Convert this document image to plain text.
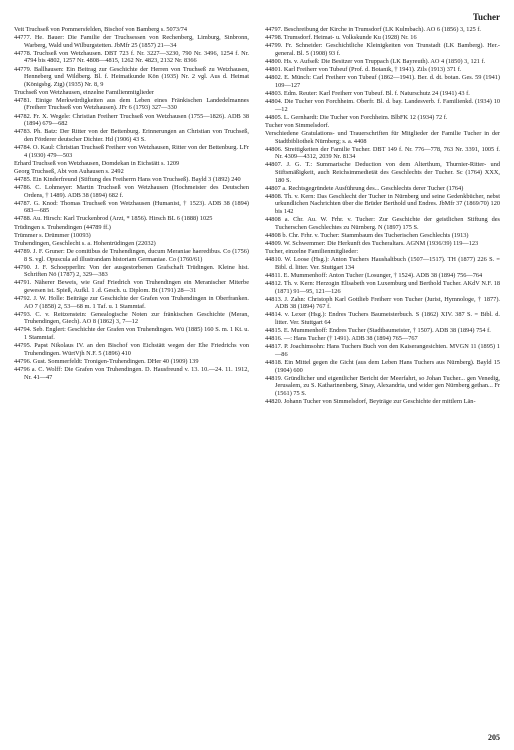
Tucher

Veit Truchseß von Pommersfelden, Bischof von Bamberg s. 5073/74

44777. He. Bauer: Die Familie der Truchsessen von Rechenberg, Limburg, Sinbronn, Warberg, Wald und Wilburgstetten. JbMfr 25 (1857) 21—34

44778. Truchseß von Wetzhausen. DBT 723 f. Nr. 3227—3230, 790 Nr. 3496, 1254 f. Nr. 4794 bis 4802, 1257 Nr. 4808—4815, 1262 Nr. 4823, 2132 Nr. 8366

44779. Ballhausen: Ein Beitrag zur Geschichte der Herren von Truchseß zu Wetzhausen, Henneberg und Wildberg. Bl. f. Heimatkunde Kön (1935) Nr. 2 vgl. Aus d. Heimat (Königsbg. Ztg) (1935) Nr. 8, 9

Truchseß von Wetzhausen, einzelne Familienmitglieder

44781. Einige Merkwürdigkeiten aus dem Leben eines Fränkischen Landedelmannes (Freiherr Truchseß von Wetzhausen). JFr 6 (1793) 327—330

44782. Fr. X. Wegele: Christian Freiherr Truchseß von Wetzhausen (1755—1826). ADB 38 (1894) 679—682

44783. Ph. Batz: Der Ritter von der Bettenburg. Erinnerungen an Christian von Truchseß, den Förderer deutscher Dichter. Hd (1906) 43 S.

44784. O. Kaul: Christian Truchseß Freiherr von Wetzhausen, Ritter von der Bettenburg. LFr 4 (1930) 479—503

Erhard Truchseß von Wetzhausen, Domdekan in Eichstätt s. 1209

Georg Truchseß, Abt von Auhausen s. 2492

44785. Ein Kinderfreund (Stiftung des Freiherrn Hans von Truchseß). Bayld 3 (1892) 240

44786. C. Lohmeyer: Martin Truchseß von Wetzhausen (Hochmeister des Deutschen Ordens, † 1489). ADB 38 (1894) 682 f.

44787. G. Knod: Thomas Truchseß von Wetzhausen (Humanist, † 1523). ADB 38 (1894) 683—685

44788. Au. Hirsch: Karl Truckenbrod (Arzt, * 1856). Hirsch BL 6 (1888) 1025

Trüdingen s. Truhendingen (44789 ff.)

Trümmer s. Drümmer (10093)

Truhendingen, Geschlecht s. a. Hohentrüdingen (22032)

44789. J. F. Gruner: De comitibus de Truhendingen, ducum Meraniae haeredibus. Co (1756) 8 S. vgl. Opuscula ad illustrandam historiam Germaniae. Co (1760/61)

44790. J. F. Schoepperlin: Von der ausgestorbenen Grafschaft Trüdingen. Kleine hist. Schriften Nö (1787) 2, 329—383

44791. Näherer Beweis, wie Graf Friedrich von Truhendingen ein Meranischer Miterbe gewesen ist. Spieß, Aufkl. 1 .d. Gesch. u. Diplom. Bt (1791) 28—31

44792. J. W. Holle: Beiträge zur Geschichte der Grafen von Truhendingen in Oberfranken. AO 7 (1858) 2, 53—68 m. 1 Taf. u. 1 Stammtaf.

44793. C. v. Reitzenstein: Genealogische Noten zur fränkischen Geschichte (Meran, Truhendingen, Giech). AO 8 (1862) 3, 7—12

44794. Seb. Englert: Geschichte der Grafen von Truhendingen. Wü (1885) 160 S. m. 1 Kt. u. 1 Stammtaf.

44795. Papst Nikolaus IV. an den Bischof von Eichstätt wegen der Ehe Friedrichs von Truhendingen. WürtVjh N.F. 5 (1896) 410

44796. Gust. Sommerfeldt: Tronigen-Truhendingen. DHer 40 (1909) 139

44796 a. C. Wolff: Die Grafen von Truhendingen. D. Hausfreund v. 13. 10.—24. 11. 1912, Nr. 41—47

44797. Beschreibung der Kirche in Trumsdorf (LK Kulmbach). AO 6 (1856) 3, 125 f.

44798. Trumsdorf. Heimat- u. Volkskunde Ku (1928) Nr. 16

44799. Fr. Schneider: Geschichtliche Kleinigkeiten von Trunstadt (LK Bamberg). Her.-general. Bl. 5 (1908) 93 f.

44800. Hs. v. Aufseß: Die Besitzer von Truppach (LK Bayreuth). AO 4 (1850) 3, 121 f.

44801. Karl Freiherr von Tubeuf (Prof. d. Botanik, † 1941). Zils (1913) 371 f.

44802. E. Münch: Carl Freiherr von Tubeuf (1862—1941). Ber. d. dt. botan. Ges. 59 (1941) 109—127

44803. Edm. Reuter: Karl Freiherr von Tubeuf. Bl. f. Naturschutz 24 (1941) 43 f.

44804. Die Tucher von Forchheim. Oberfr. Bl. d. bay. Landesverb. f. Familienkd. (1934) 10—12

44805. L. Gernhardt: Die Tucher von Forchheim. BlbFK 12 (1934) 72 f.

Tucher von Simmelsdorf.

Verschiedene Gratulations- und Trauerschriften für Mitglieder der Familie Tucher in der Stadtbibliothek Nürnberg; s. a. 4408

44806. Streitigkeiten der Familie Tucher. DBT 149 f. Nr. 776—778, 763 Nr. 3391, 1005 f. Nr. 4309—4312, 2039 Nr. 8134

44807. J. G. T.: Summarische Deduction von dem Alterthum, Thurnier-Ritter- und Stiftsmäßigkeit, auch Reichsimmedietät des Geschlechts der Tucher. Sc (1764) XXX, 180 S.

44807 a. Rechtsgegründete Ausführung des... Geschlechts derer Tucher (1764)

44808. Th. v. Kern: Das Geschlecht der Tucher in Nürnberg und seine Gedenkbücher, nebst urkundlichen Nachrichten über die Brüder Berthold und Endres. JbMfr 37 (1869/70) 120 bis 142

44808 a. Chr. Au. W. Frhr. v. Tucher: Zur Geschichte der geistlichen Stiftung des Tucherschen Geschlechtes zu Nürnberg. N (1897) 175 S.

44808 b. Chr. Frhr. v. Tucher: Stammbaum des Tucherischen Geschlechts (1913)

44809. W. Schwemmer: Die Herkunft des Tucheraltars. AGNM (1936/39) 119—123

Tucher, einzelne Familienmitglieder:

44810. W. Loose (Hsg.): Anton Tuchers Haushaltbuch (1507—1517). TH (1877) 226 S. = Bibl. d. litter. Ver. Stuttgart 134

44811. E. Mummenhoff: Anton Tucher (Losunger, † 1524). ADB 38 (1894) 756—764

44812. Th. v. Kern: Herzogin Elisabeth von Luxemburg und Berthold Tucher. AKdV N.F. 18 (1871) 91—95, 121—126

44813. J. Zahn: Christoph Karl Gottlieb Freiherr von Tucher (Jurist, Hymnologe, † 1877). ADB 38 (1894) 767 f.

44814. v. Lexer (Hsg.): Endres Tuchers Baumeisterbuch. S (1862) XIV. 387 S. = Bibl. d. litter. Ver. Stuttgart 64

44815. E. Mummenhoff: Endres Tucher (Stadtbaumeister, † 1507). ADB 38 (1894) 754 f.

44816. —: Hans Tucher († 1491). ADB 38 (1894) 765—767

44817. P. Joachimsohn: Hans Tuchers Buch von den Kaiserangesichten. MVGN 11 (1895) 1—86

44818. Ein Mittel gegen die Gicht (aus dem Leben Hans Tuchers aus Nürnberg). Bayld 15 (1904) 600

44819. Gründlicher und eigentlicher Bericht der Meerfahrt, so Johan Tucher... gen Venedig, Jerusalem, zu S. Katharinenberg, Sinay, Alexandria, und wider gen Nürnberg gethan... Fr (1561) 75 S.

44820. Johann Tucher von Simmelsdorf, Beyträge zur Geschichte der mittlern Län-

205
